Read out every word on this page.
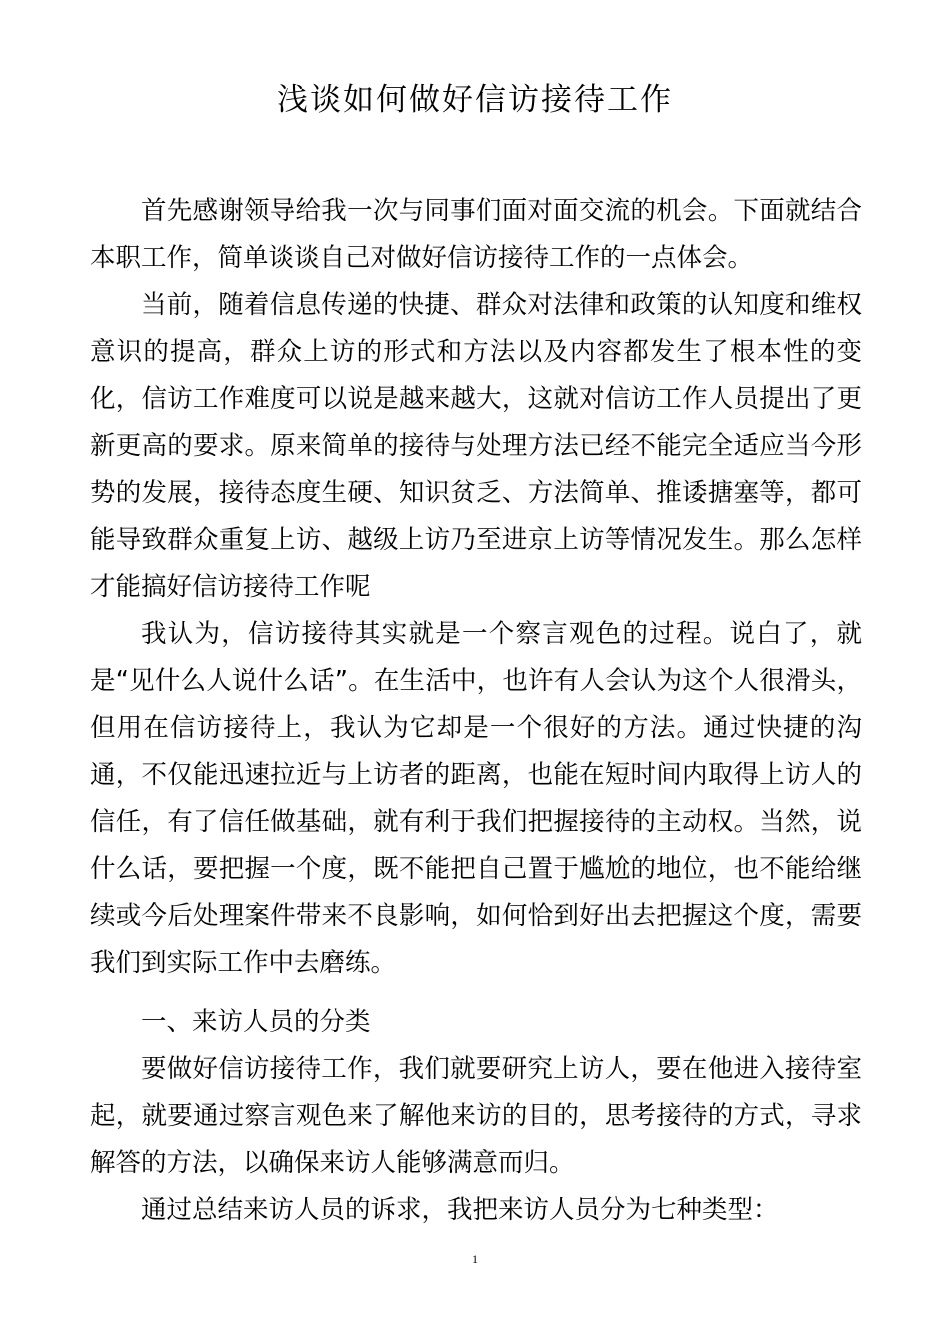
浅谈如何做好信访接待工作

首先感谢领导给我一次与同事们面对面交流的机会。下面就结合本职工作，简单谈谈自己对做好信访接待工作的一点体会。

当前，随着信息传递的快捷、群众对法律和政策的认知度和维权意识的提高，群众上访的形式和方法以及内容都发生了根本性的变化，信访工作难度可以说是越来越大，这就对信访工作人员提出了更新更高的要求。原来简单的接待与处理方法已经不能完全适应当今形势的发展，接待态度生硬、知识贫乏、方法简单、推诿搪塞等，都可能导致群众重复上访、越级上访乃至进京上访等情况发生。那么怎样才能搞好信访接待工作呢

我认为，信访接待其实就是一个察言观色的过程。说白了，就是“见什么人说什么话”。在生活中，也许有人会认为这个人很滑头，但用在信访接待上，我认为它却是一个很好的方法。通过快捷的沟通，不仅能迅速拉近与上访者的距离，也能在短时间内取得上访人的信任，有了信任做基础，就有利于我们把握接待的主动权。当然，说什么话，要把握一个度，既不能把自己置于尴尬的地位，也不能给继续或今后处理案件带来不良影响，如何恰到好出去把握这个度，需要我们到实际工作中去磨练。

一、来访人员的分类

要做好信访接待工作，我们就要研究上访人，要在他进入接待室起，就要通过察言观色来了解他来访的目的，思考接待的方式，寻求解答的方法，以确保来访人能够满意而归。

通过总结来访人员的诉求，我把来访人员分为七种类型：

1
